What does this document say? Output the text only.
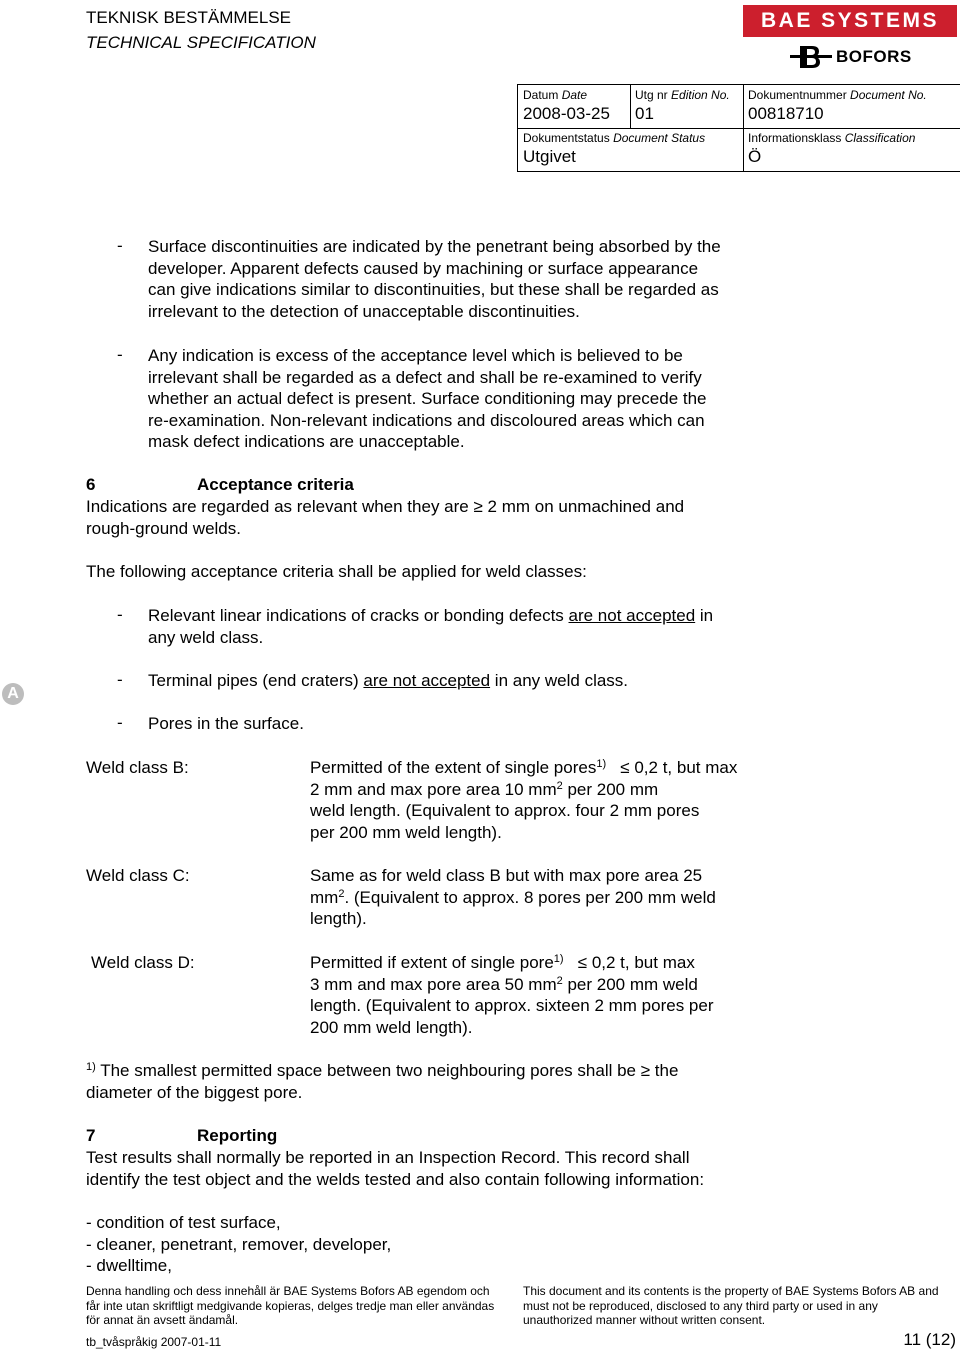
TEKNISK BESTÄMMELSE
TECHNICAL SPECIFICATION
BAE SYSTEMS
BOFORS
Datum Date
2008-03-25
Utg nr Edition No.
01
Dokumentnummer Document No.
00818710
Dokumentstatus Document Status
Utgivet
Informationsklass Classification
Ö
- Surface discontinuities are indicated by the penetrant being absorbed by the
developer. Apparent defects caused by machining or surface appearance
can give indications similar to discontinuities, but these shall be regarded as
irrelevant to the detection of unacceptable discontinuities.
- Any indication is excess of the acceptance level which is believed to be
irrelevant shall be regarded as a defect and shall be re-examined to verify
whether an actual defect is present. Surface conditioning may precede the
re-examination. Non-relevant indications and discoloured areas which can
mask defect indications are unacceptable.
6	Acceptance criteria
Indications are regarded as relevant when they are ≥ 2 mm on unmachined and
rough-ground welds.
The following acceptance criteria shall be applied for weld classes:
- Relevant linear indications of cracks or bonding defects are not accepted in
any weld class.
A
- Terminal pipes (end craters) are not accepted in any weld class.
- Pores in the surface.
Weld class B:	Permitted of the extent of single pores$^{1)}$ ≤ 0,2 t, but max
2 mm and max pore area 10 $mm^2$ per 200 mm
weld length. (Equivalent to approx. four 2 mm pores
per 200 mm weld length).
Weld class C:	Same as for weld class B but with max pore area 25
$mm^2$. (Equivalent to approx. 8 pores per 200 mm weld
length).
Weld class D:	Permitted if extent of single pore$^{1)}$ ≤ 0,2 t, but max
3 mm and max pore area 50 $mm^2$ per 200 mm weld
length. (Equivalent to approx. sixteen 2 mm pores per
200 mm weld length).
$^{1)}$ The smallest permitted space between two neighbouring pores shall be ≥ the
diameter of the biggest pore.
7	Reporting
Test results shall normally be reported in an Inspection Record. This record shall
identify the test object and the welds tested and also contain following information:
- condition of test surface,
- cleaner, penetrant, remover, developer,
- dwelltime,
Denna handling och dess innehåll är BAE Systems Bofors AB egendom och
får inte utan skriftligt medgivande kopieras, delges tredje man eller användas
för annat än avsett ändamål.
This document and its contents is the property of BAE Systems Bofors AB and
must not be reproduced, disclosed to any third party or used in any
unauthorized manner without written consent.
tb_tvåspråkig 2007-01-11	11 (12)
